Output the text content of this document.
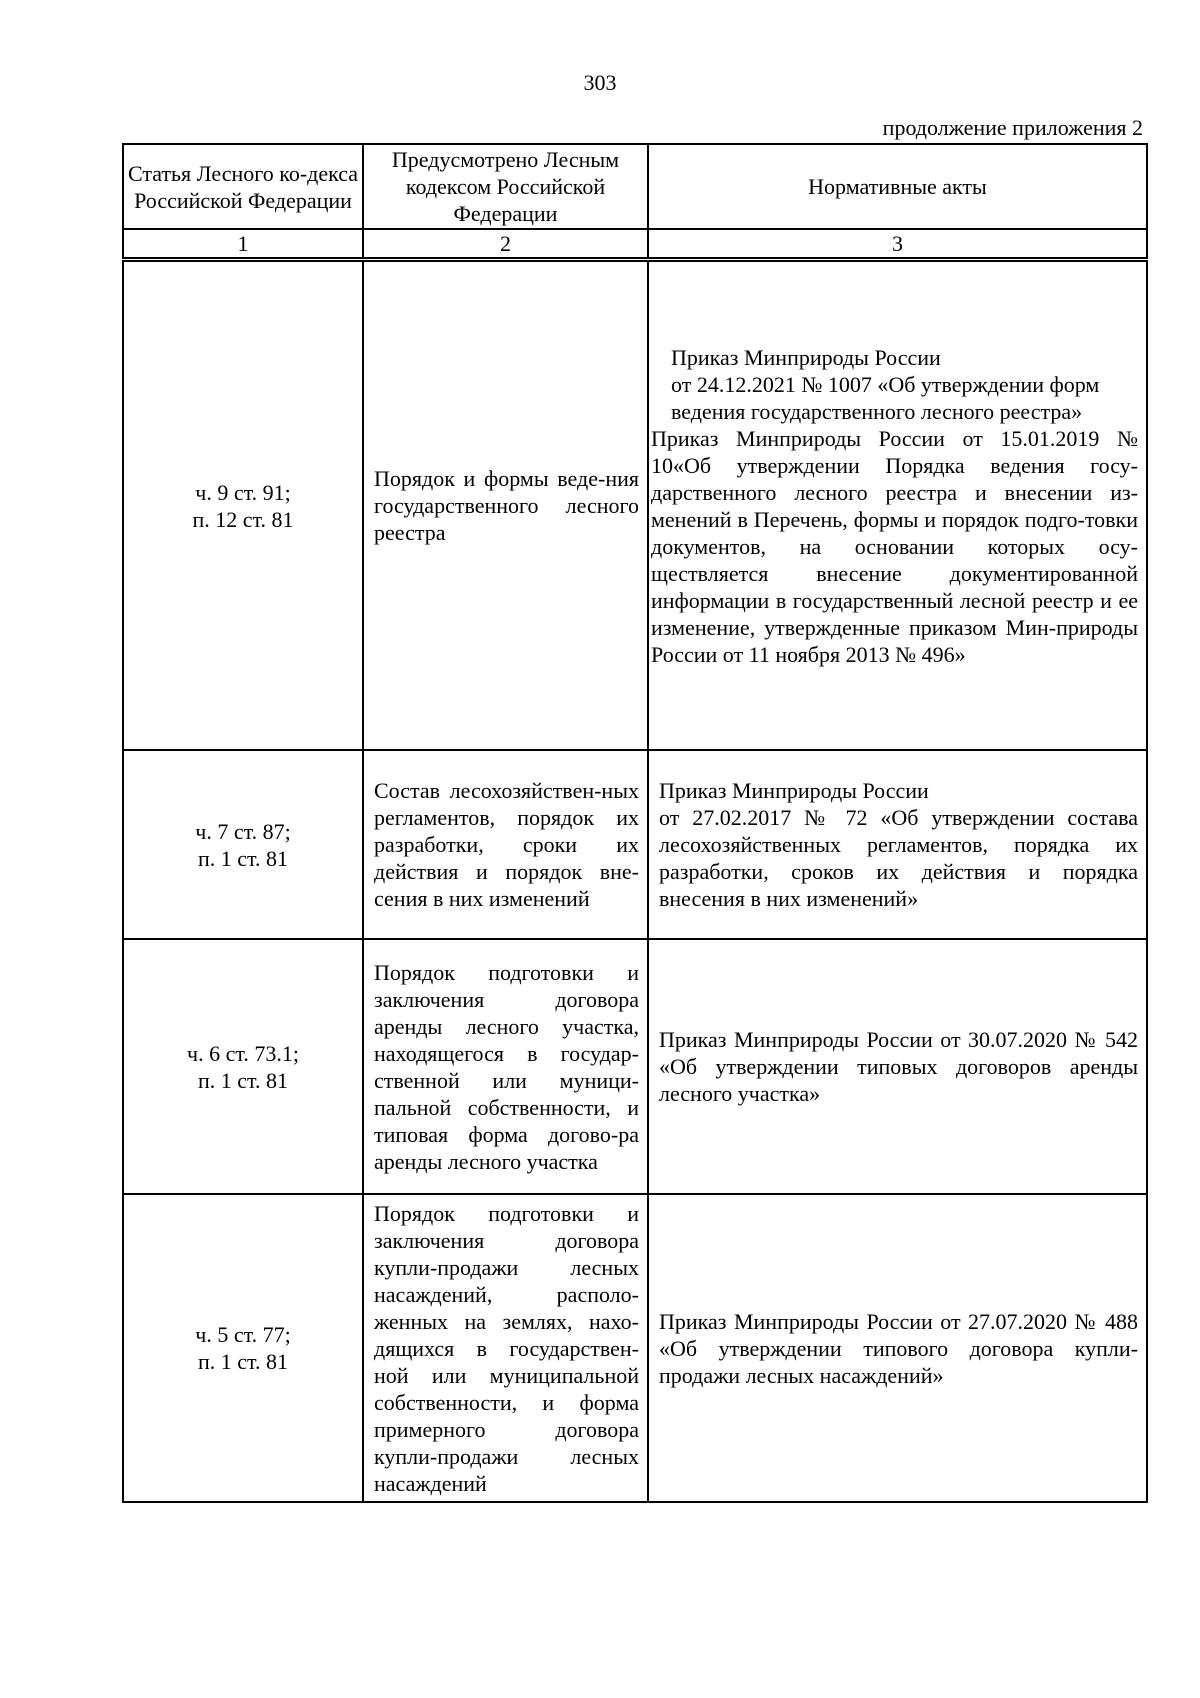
303
продолжение приложения 2
Статья Лесного ко-декса Российской Федерации	Предусмотрено Лесным кодексом Российской Федерации	Нормативные акты
1	2	3

ч. 9 ст. 91;
п. 12 ст. 81	Порядок и формы веде-ния государственного лесного реестра	Приказ Минприроды России
от 24.12.2021 № 1007 «Об утверждении форм ведения государственного лесного реестра»
Приказ Минприроды России от 15.01.2019 № 10«Об утверждении Порядка ведения госу-дарственного лесного реестра и внесении из-менений в Перечень, формы и порядок подго-товки документов, на основании которых осу-ществляется внесение документированной информации в государственный лесной реестр и ее изменение, утвержденные приказом Мин-природы России от 11 ноября 2013 № 496»

ч. 7 ст. 87;
п. 1 ст. 81	Состав лесохозяйствен-ных регламентов, порядок их разработки, сроки их действия и порядок вне-сения в них изменений	Приказ Минприроды России
от 27.02.2017 № 72 «Об утверждении состава лесохозяйственных регламентов, порядка их разработки, сроков их действия и порядка внесения в них изменений»

ч. 6 ст. 73.1;
п. 1 ст. 81	Порядок подготовки и заключения договора аренды лесного участка, находящегося в государ-ственной или муници-пальной собственности, и типовая форма догово-ра аренды лесного участка	Приказ Минприроды России от 30.07.2020 № 542 «Об утверждении типовых договоров аренды лесного участка»

ч. 5 ст. 77;
п. 1 ст. 81	Порядок подготовки и заключения договора купли-продажи лесных насаждений, располо-женных на землях, нахо-дящихся в государствен-ной или муниципальной собственности, и форма примерного договора купли-продажи лесных насаждений	Приказ Минприроды России от 27.07.2020 № 488 «Об утверждении типового договора купли-продажи лесных насаждений»
